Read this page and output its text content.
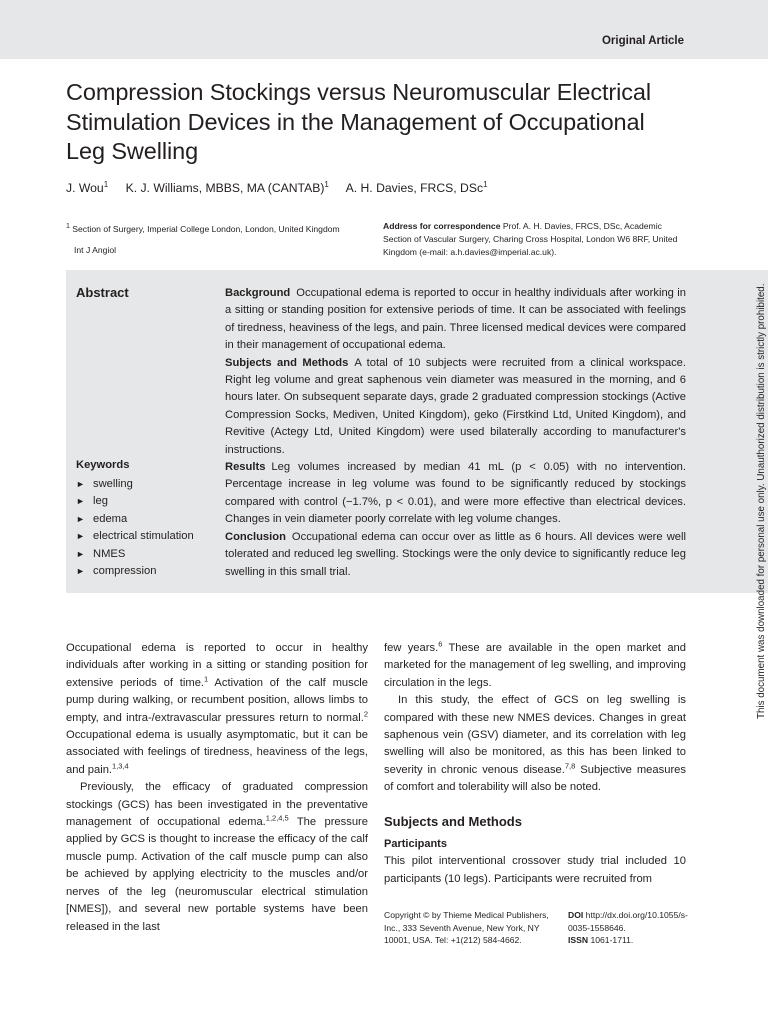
Original Article
Compression Stockings versus Neuromuscular Electrical Stimulation Devices in the Management of Occupational Leg Swelling
J. Wou$^1$ K. J. Williams, MBBS, MA (CANTAB)$^1$ A. H. Davies, FRCS, DSc$^1$
$^1$ Section of Surgery, Imperial College London, London, United Kingdom
Int J Angiol
Address for correspondence Prof. A. H. Davies, FRCS, DSc, Academic Section of Vascular Surgery, Charing Cross Hospital, London W6 8RF, United Kingdom (e-mail: a.h.davies@imperial.ac.uk).
Abstract
Keywords
► swelling
► leg
► edema
► electrical stimulation
► NMES
► compression

Background Occupational edema is reported to occur in healthy individuals after working in a sitting or standing position for extensive periods of time. It can be associated with feelings of tiredness, heaviness of the legs, and pain. Three licensed medical devices were compared in their management of occupational edema.

Subjects and Methods A total of 10 subjects were recruited from a clinical workspace. Right leg volume and great saphenous vein diameter was measured in the morning, and 6 hours later. On subsequent separate days, grade 2 graduated compression stockings (Active Compression Socks, Mediven, United Kingdom), geko (Firstkind Ltd, United Kingdom), and Revitive (Actegy Ltd, United Kingdom) were used bilaterally according to manufacturer's instructions.

Results Leg volumes increased by median 41 mL (p < 0.05) with no intervention. Percentage increase in leg volume was found to be significantly reduced by stockings compared with control (−1.7%, p < 0.01), and were more effective than electrical devices. Changes in vein diameter poorly correlate with leg volume changes.

Conclusion Occupational edema can occur over as little as 6 hours. All devices were well tolerated and reduced leg swelling. Stockings were the only device to significantly reduce leg swelling in this small trial.

Occupational edema is reported to occur in healthy individuals after working in a sitting or standing position for extensive periods of time.$^1$ Activation of the calf muscle pump during walking, or recumbent position, allows limbs to empty, and intra-/extravascular pressures return to normal.$^2$ Occupational edema is usually asymptomatic, but it can be associated with feelings of tiredness, heaviness of the legs, and pain.$^{1,3,4}$

Previously, the efficacy of graduated compression stockings (GCS) has been investigated in the preventative management of occupational edema.$^{1,2,4,5}$ The pressure applied by GCS is thought to increase the efficacy of the calf muscle pump. Activation of the calf muscle pump can also be achieved by applying electricity to the muscles and/or nerves of the leg (neuromuscular electrical stimulation [NMES]), and several new portable systems have been released in the last

few years.$^6$ These are available in the open market and marketed for the management of leg swelling, and improving circulation in the legs.

In this study, the effect of GCS on leg swelling is compared with these new NMES devices. Changes in great saphenous vein (GSV) diameter, and its correlation with leg swelling will also be monitored, as this has been linked to severity in chronic venous disease.$^{7,8}$ Subjective measures of comfort and tolerability will also be noted.

Subjects and Methods

Participants

This pilot interventional crossover study trial included 10 participants (10 legs). Participants were recruited from

Copyright © by Thieme Medical Publishers, Inc., 333 Seventh Avenue, New York, NY 10001, USA. Tel: +1(212) 584-4662.
DOI http://dx.doi.org/10.1055/s-0035-1558646.
ISSN 1061-1711.
This document was downloaded for personal use only. Unauthorized distribution is strictly prohibited.
